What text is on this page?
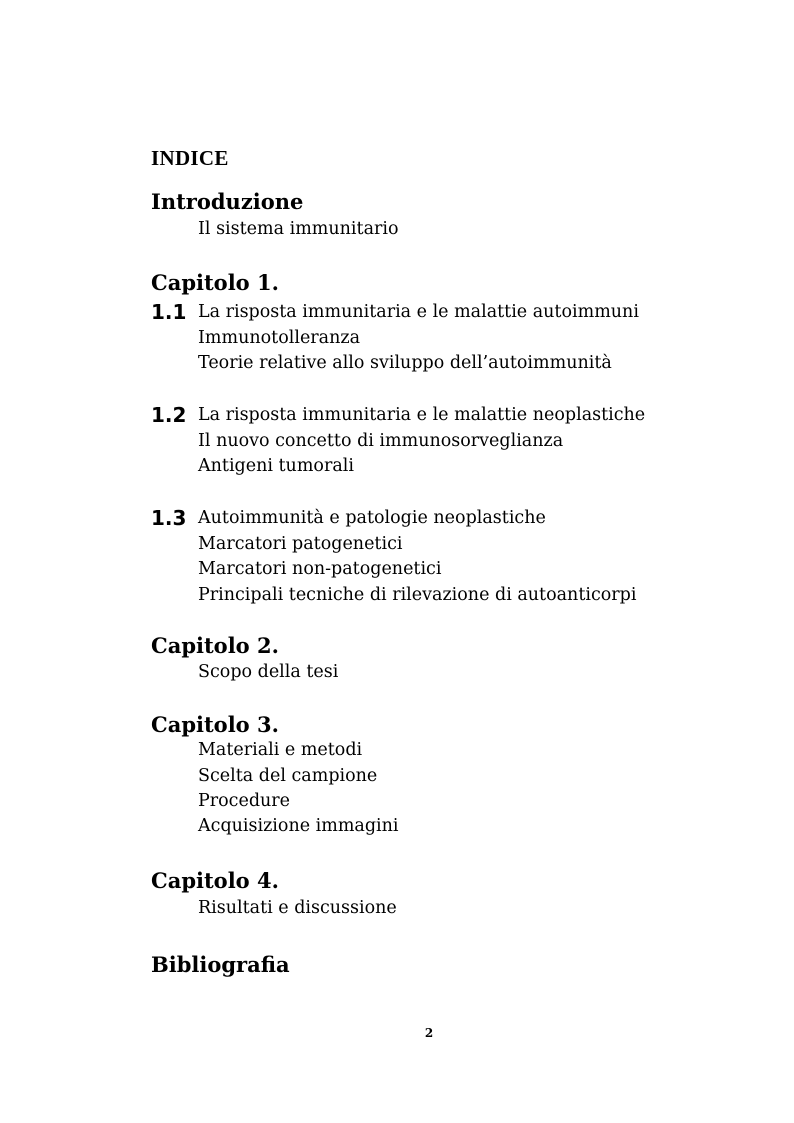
INDICE
Introduzione
Il sistema immunitario
Capitolo 1.
1.1 La risposta immunitaria e le malattie autoimmuni
Immunotolleranza
Teorie relative allo sviluppo dell’autoimmunità
1.2 La risposta immunitaria e le malattie neoplastiche
Il nuovo concetto di immunosorveglianza
Antigeni tumorali
1.3 Autoimmunità e patologie neoplastiche
Marcatori patogenetici
Marcatori non-patogenetici
Principali tecniche di rilevazione di autoanticorpi
Capitolo 2.
Scopo della tesi
Capitolo 3.
Materiali e metodi
Scelta del campione
Procedure
Acquisizione immagini
Capitolo 4.
Risultati e discussione
Bibliografia
2
